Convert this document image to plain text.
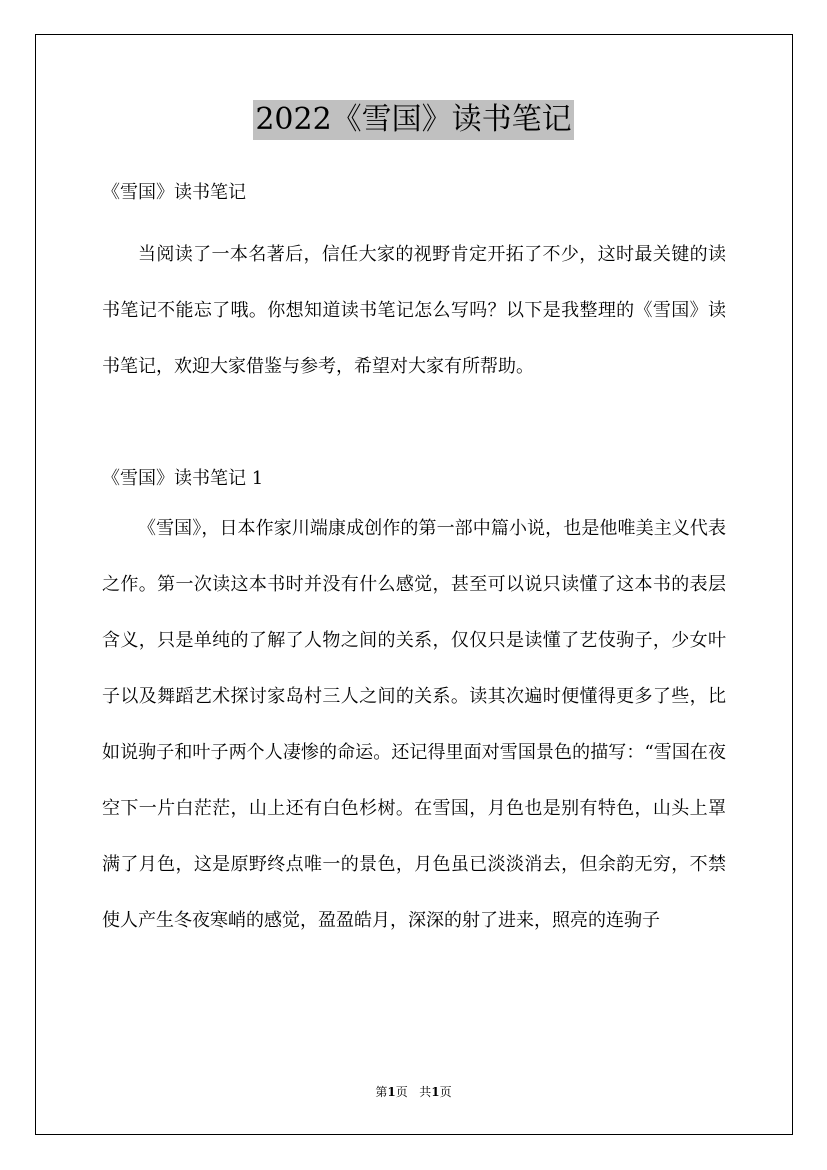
2022《雪国》读书笔记
《雪国》读书笔记

当阅读了一本名著后，信任大家的视野肯定开拓了不少，这时最关键的读书笔记不能忘了哦。你想知道读书笔记怎么写吗？以下是我整理的《雪国》读书笔记，欢迎大家借鉴与参考，希望对大家有所帮助。

《雪国》读书笔记 1

《雪国》，日本作家川端康成创作的第一部中篇小说，也是他唯美主义代表之作。第一次读这本书时并没有什么感觉，甚至可以说只读懂了这本书的表层含义，只是单纯的了解了人物之间的关系，仅仅只是读懂了艺伎驹子，少女叶子以及舞蹈艺术探讨家岛村三人之间的关系。读其次遍时便懂得更多了些，比如说驹子和叶子两个人凄惨的命运。还记得里面对雪国景色的描写：“雪国在夜空下一片白茫茫，山上还有白色杉树。在雪国，月色也是别有特色，山头上罩满了月色，这是原野终点唯一的景色，月色虽已淡淡消去，但余韵无穷，不禁使人产生冬夜寒峭的感觉，盈盈皓月，深深的射了进来，照亮的连驹子

第1页 共1页
